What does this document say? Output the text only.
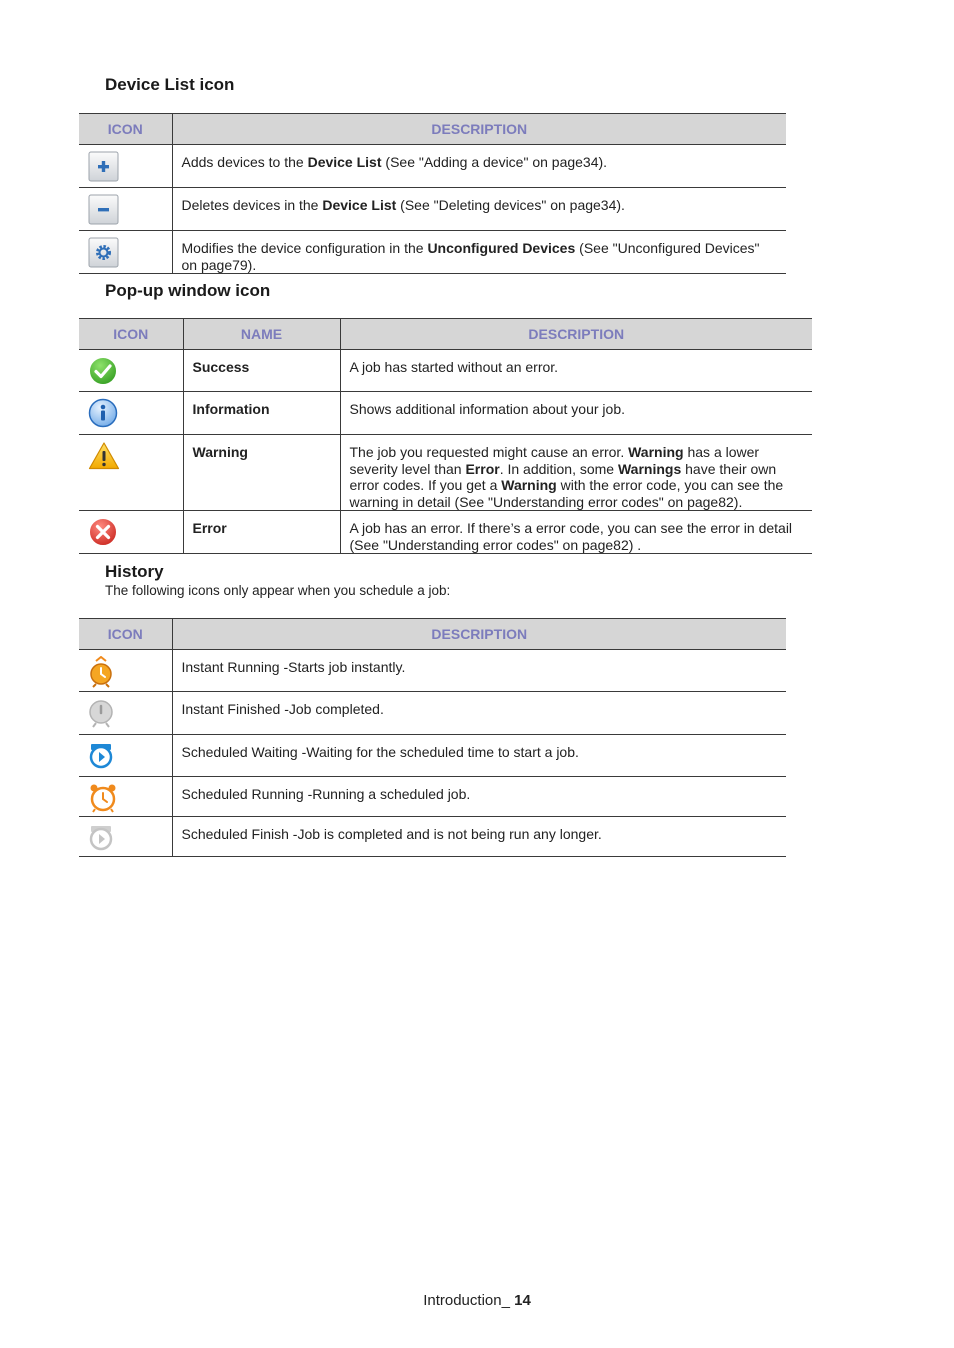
Device List icon
ICON	DESCRIPTION

	Adds devices to the Device List (See "Adding a device" on page34).

	Deletes devices in the Device List (See "Deleting devices" on page34).

	Modifies the device configuration in the Unconfigured Devices (See "Unconfigured Devices" on page79).
Pop-up window icon
ICON	NAME	DESCRIPTION

	Success	A job has started without an error.

	Information	Shows additional information about your job.

	Warning	The job you requested might cause an error. Warning has a lower severity level than Error. In addition, some Warnings have their own error codes. If you get a Warning with the error code, you can see the warning in detail (See "Understanding error codes" on page82).

	Error	A job has an error. If there’s a error code, you can see the error in detail (See "Understanding error codes" on page82) .
History

The following icons only appear when you schedule a job:

ICON	DESCRIPTION

	Instant Running -Starts job instantly.

	Instant Finished -Job completed.

	Scheduled Waiting -Waiting for the scheduled time to start a job.

	Scheduled Running -Running a scheduled job.

	Scheduled Finish -Job is completed and is not being run any longer.
Introduction_ 14
